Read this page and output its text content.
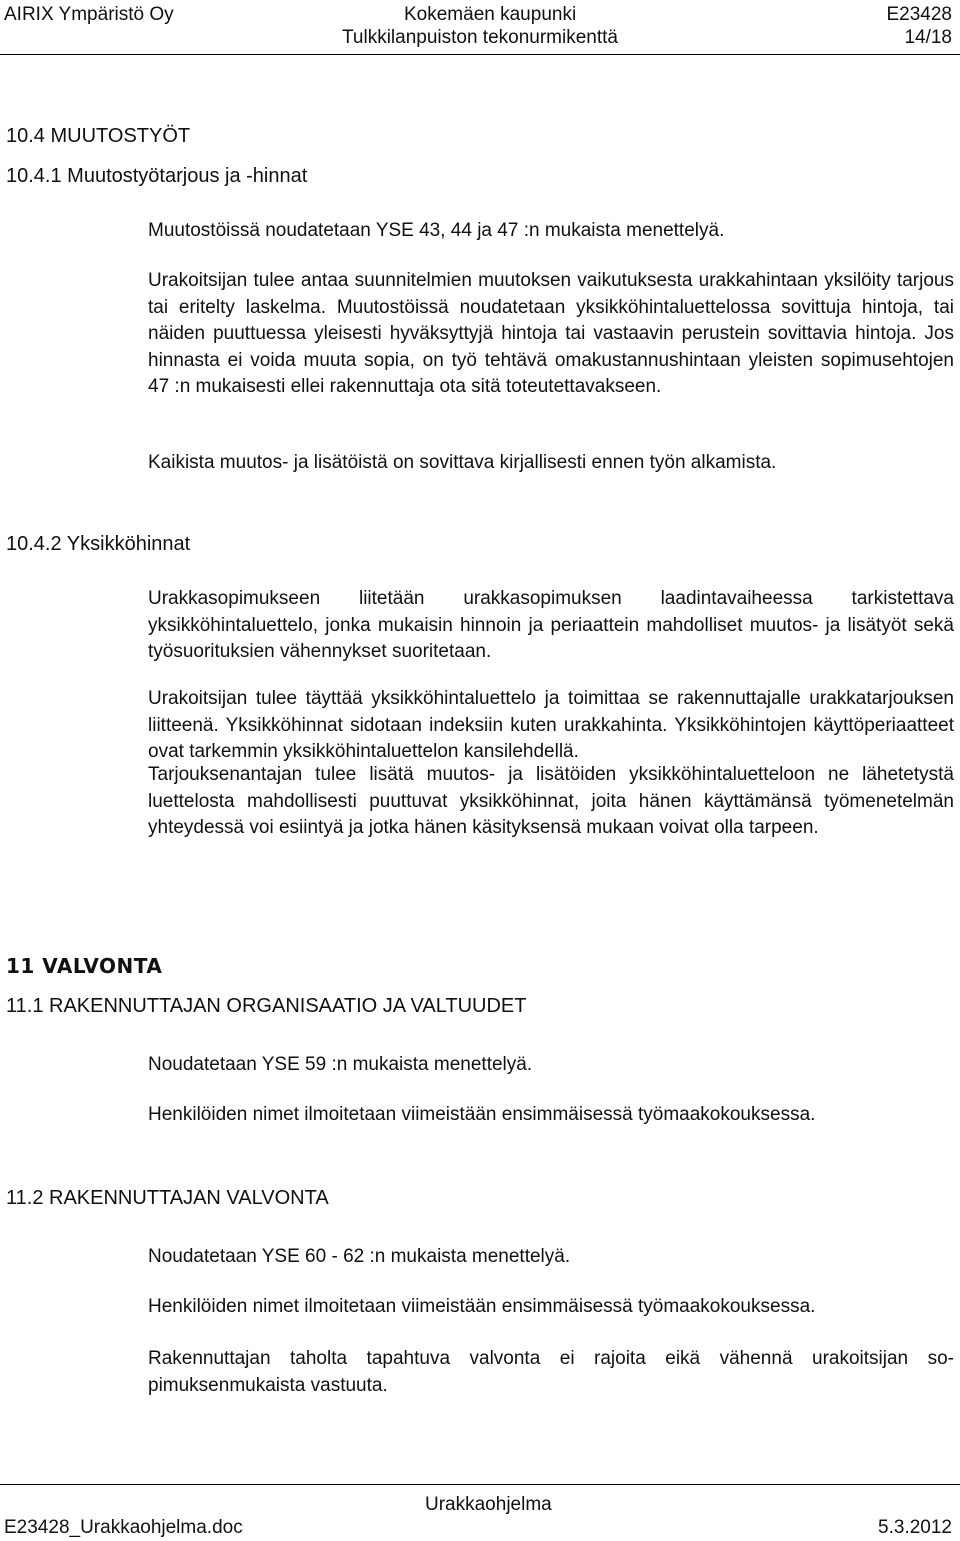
AIRIX Ympäristö Oy	Kokemäen kaupunki
Tulkkilanpuiston tekonurmikenttä
E23428
14/18
10.4 MUUTOSTYÖT
10.4.1 Muutostyötarjous ja -hinnat

Muutostöissä noudatetaan YSE 43, 44 ja 47 :n mukaista menettelyä.

Urakoitsijan tulee antaa suunnitelmien muutoksen vaikutuksesta urakkahintaan yksilöity tarjous tai eritelty laskelma. Muutostöissä noudatetaan yksikköhintaluettelossa sovittuja hintoja, tai näiden puuttuessa yleisesti hyväksyttyjä hintoja tai vastaavin perustein sovittavia hintoja. Jos hinnasta ei voida muuta sopia, on työ tehtävä omakustannushintaan yleisten sopimusehtojen 47 :n mukaisesti ellei rakennuttaja ota sitä toteutettavakseen.

Kaikista muutos- ja lisätöistä on sovittava kirjallisesti ennen työn alkamista.

10.4.2 Yksikköhinnat

Urakkasopimukseen liitetään urakkasopimuksen laadintavaiheessa tarkistettava yksikköhintaluettelo, jonka mukaisin hinnoin ja periaattein mahdolliset muutos- ja lisätyöt sekä työsuorituksien vähennykset suoritetaan.

Urakoitsijan tulee täyttää yksikköhintaluettelo ja toimittaa se rakennuttajalle urakkatarjouksen liitteenä. Yksikköhinnat sidotaan indeksiin kuten urakkahinta. Yksikköhintojen käyttöperiaatteet ovat tarkemmin yksikköhintaluettelon kansilehdellä.

Tarjouksenantajan tulee lisätä muutos- ja lisätöiden yksikköhintaluetteloon ne lähetetystä luettelosta mahdollisesti puuttuvat yksikköhinnat, joita hänen käyttämänsä työmenetelmän yhteydessä voi esiintyä ja jotka hänen käsityksensä mukaan voivat olla tarpeen.

11 VALVONTA
11.1 RAKENNUTTAJAN ORGANISAATIO JA VALTUUDET

Noudatetaan YSE 59 :n mukaista menettelyä.

Henkilöiden nimet ilmoitetaan viimeistään ensimmäisessä työmaakokouksessa.

11.2 RAKENNUTTAJAN VALVONTA

Noudatetaan YSE 60 - 62 :n mukaista menettelyä.

Henkilöiden nimet ilmoitetaan viimeistään ensimmäisessä työmaakokouksessa.

Rakennuttajan taholta tapahtuva valvonta ei rajoita eikä vähennä urakoitsijan sopimuksenmukaista vastuuta.

Urakkaohjelma
E23428_Urakkaohjelma.doc	5.3.2012
